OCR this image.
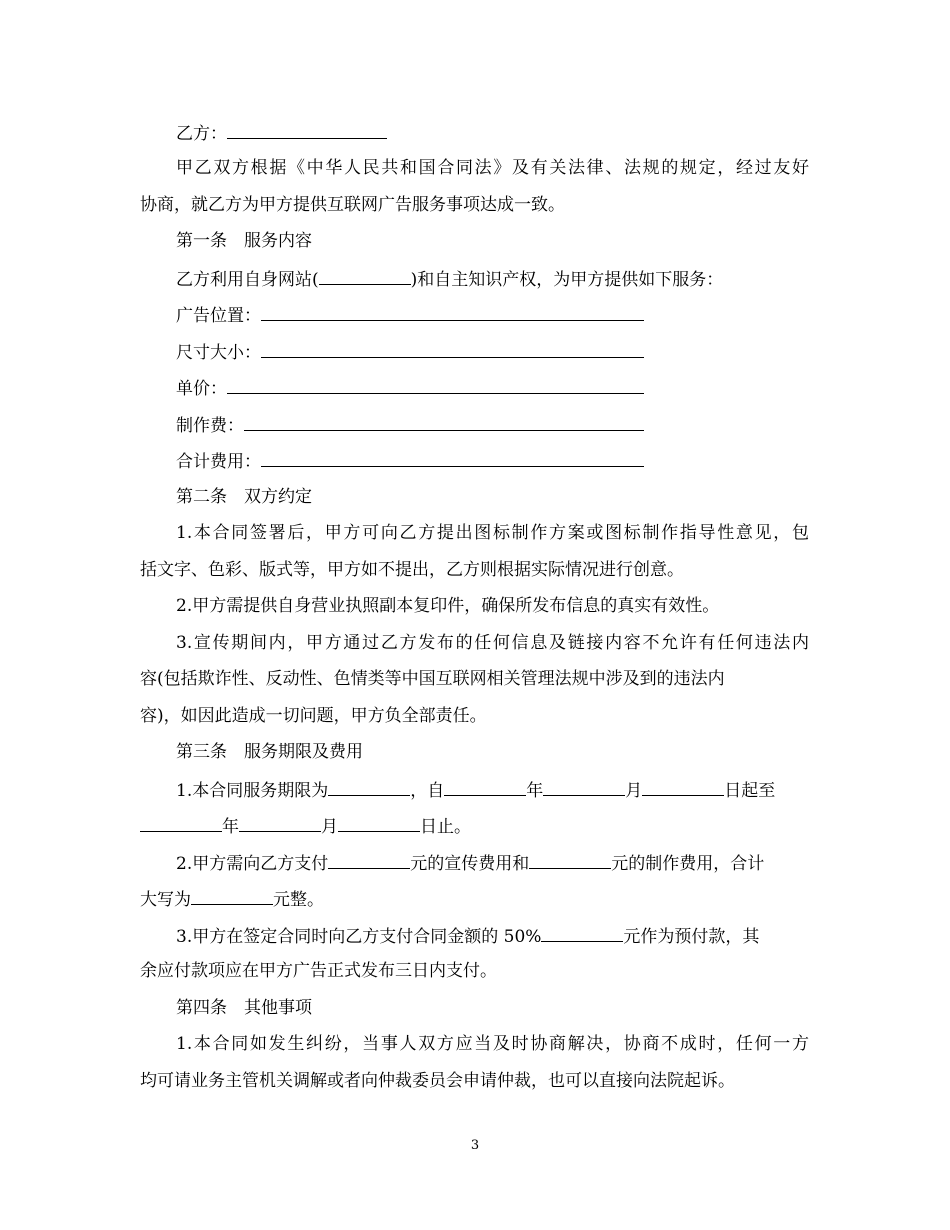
乙方：
甲乙双方根据《中华人民共和国合同法》及有关法律、法规的规定，经过友好
协商，就乙方为甲方提供互联网广告服务事项达成一致。
第一条　服务内容
乙方利用自身网站(	)和自主知识产权，为甲方提供如下服务：
广告位置：
尺寸大小：
单价：
制作费：
合计费用：
第二条　双方约定
1.本合同签署后，甲方可向乙方提出图标制作方案或图标制作指导性意见，包
括文字、色彩、版式等，甲方如不提出，乙方则根据实际情况进行创意。
2.甲方需提供自身营业执照副本复印件，确保所发布信息的真实有效性。
3.宣传期间内，甲方通过乙方发布的任何信息及链接内容不允许有任何违法内
容(包括欺诈性、反动性、色情类等中国互联网相关管理法规中涉及到的违法内
容)，如因此造成一切问题，甲方负全部责任。
第三条　服务期限及费用
1.本合同服务期限为	，自	年	月	日起至
年	月	日止。
2.甲方需向乙方支付	元的宣传费用和	元的制作费用，合计
大写为	元整。
3.甲方在签定合同时向乙方支付合同金额的 50%	元作为预付款，其
余应付款项应在甲方广告正式发布三日内支付。
第四条　其他事项
1.本合同如发生纠纷，当事人双方应当及时协商解决，协商不成时，任何一方
均可请业务主管机关调解或者向仲裁委员会申请仲裁，也可以直接向法院起诉。
3
